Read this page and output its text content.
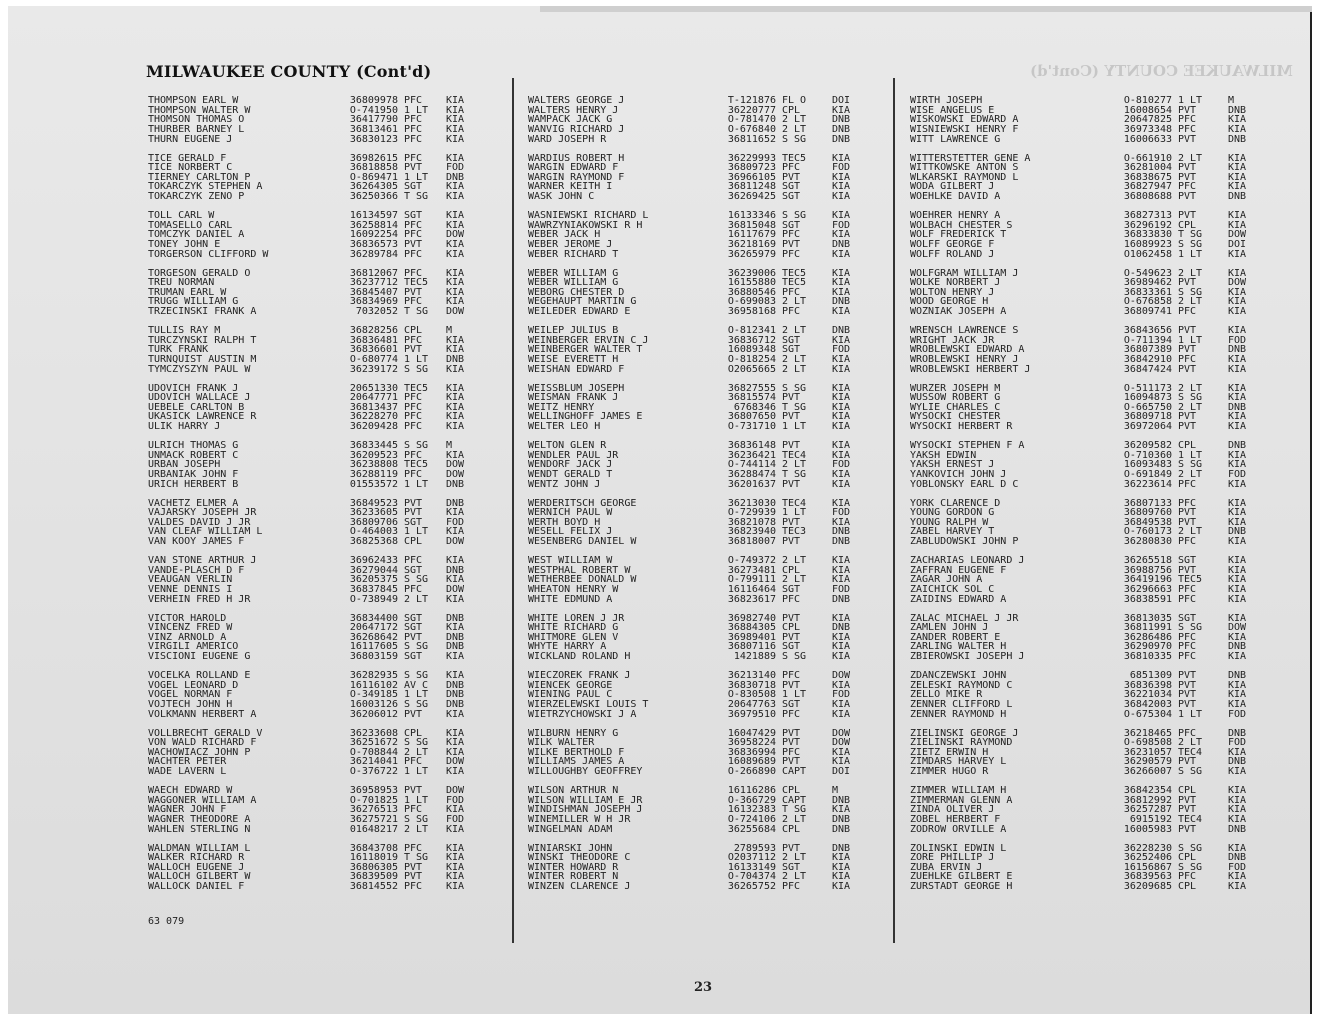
MILWAUKEE COUNTY (Cont'd)	MILWAUKEE COUNTY (Cont'd)
THOMPSON EARL W	36809978 PFC	KIA
THOMPSON WALTER W	O-741950 1 LT	KIA
THOMSON THOMAS O	36417790 PFC	KIA
THURBER BARNEY L	36813461 PFC	KIA
THURN EUGENE J	36830123 PFC	KIA
TICE GERALD F	36982615 PFC	KIA
TICE NORBERT C	36818858 PVT	FOD
TIERNEY CARLTON P	O-869471 1 LT	DNB
TOKARCZYK STEPHEN A	36264305 SGT	KIA
TOKARCZYK ZENO P	36250366 T SG	KIA
TOLL CARL W	16134597 SGT	KIA
TOMASELLO CARL	36258814 PFC	KIA
TOMCZYK DANIEL A	16092254 PFC	DOW
TONEY JOHN E	36836573 PVT	KIA
TORGERSON CLIFFORD W	36289784 PFC	KIA
TORGESON GERALD O	36812067 PFC	KIA
TREU NORMAN	36237712 TEC5	KIA
TRUMAN EARL W	36845407 PVT	KIA
TRUGG WILLIAM G	36834969 PFC	KIA
TRZECINSKI FRANK A	7032052 T SG	DOW
TULLIS RAY M	36828256 CPL	M
TURCZYNSKI RALPH T	36836481 PFC	KIA
TURK FRANK	36836601 PVT	KIA
TURNQUIST AUSTIN M	O-680774 1 LT	DNB
TYMCZYSZYN PAUL W	36239172 S SG	KIA
UDOVICH FRANK J	20651330 TEC5	KIA
UDOVICH WALLACE J	20647771 PFC	KIA
UEBELE CARLTON B	36813437 PFC	KIA
UKASICK LAWRENCE R	36228270 PFC	KIA
ULIK HARRY J	36209428 PFC	KIA
ULRICH THOMAS G	36833445 S SG	M
UNMACK ROBERT C	36209523 PFC	KIA
URBAN JOSEPH	36238808 TEC5	DOW
URBANIAK JOHN F	36288119 PFC	DOW
URICH HERBERT B	01553572 1 LT	DNB
VACHETZ ELMER A	36849523 PVT	DNB
VAJARSKY JOSEPH JR	36233605 PVT	KIA
VALDES DAVID J JR	36809706 SGT	FOD
VAN CLEAF WILLIAM L	O-464003 1 LT	KIA
VAN KOOY JAMES F	36825368 CPL	DOW
VAN STONE ARTHUR J	36962433 PFC	KIA
VANDE-PLASCH D F	36279044 SGT	DNB
VEAUGAN VERLIN	36205375 S SG	KIA
VENNE DENNIS I	36837845 PFC	DOW
VERHEIN FRED H JR	O-738949 2 LT	KIA
VICTOR HAROLD	36834400 SGT	DNB
VINCENZ FRED W	20647172 SGT	KIA
VINZ ARNOLD A	36268642 PVT	DNB
VIRGILI AMERICO	16117605 S SG	DNB
VISCIONI EUGENE G	36803159 SGT	KIA
VOCELKA ROLLAND E	36282935 S SG	KIA
VOGEL LEONARD D	16116102 AV C	DNB
VOGEL NORMAN F	O-349185 1 LT	DNB
VOJTECH JOHN H	16003126 S SG	DNB
VOLKMANN HERBERT A	36206012 PVT	KIA
VOLLBRECHT GERALD V	36233608 CPL	KIA
VON WALD RICHARD F	36251672 S SG	KIA
WACHOWIACZ JOHN P	O-708844 2 LT	KIA
WACHTER PETER	36214041 PFC	DOW
WADE LAVERN L	O-376722 1 LT	KIA
WAECH EDWARD W	36958953 PVT	DOW
WAGGONER WILLIAM A	O-701825 1 LT	FOD
WAGNER JOHN F	36276513 PFC	KIA
WAGNER THEODORE A	36275721 S SG	FOD
WAHLEN STERLING N	01648217 2 LT	KIA
WALDMAN WILLIAM L	36843708 PFC	KIA
WALKER RICHARD R	16118019 T SG	KIA
WALLOCH EUGENE J	36806305 PVT	KIA
WALLOCH GILBERT W	36839509 PVT	KIA
WALLOCK DANIEL F	36814552 PFC	KIA
WALTERS GEORGE J	T-121876 FL O	DOI
WALTERS HENRY J	36220777 CPL	KIA
WAMPACK JACK G	O-781470 2 LT	DNB
WANVIG RICHARD J	O-676840 2 LT	DNB
WARD JOSEPH R	36811652 S SG	DNB
WARDIUS ROBERT H	36229993 TEC5	KIA
WARGIN EDWARD F	36809723 PFC	FOD
WARGIN RAYMOND F	36966105 PVT	KIA
WARNER KEITH I	36811248 SGT	KIA
WASK JOHN C	36269425 SGT	KIA
WASNIEWSKI RICHARD L	16133346 S SG	KIA
WAWRZYNIAKOWSKI R H	36815048 SGT	FOD
WEBER JACK H	16117679 PFC	KIA
WEBER JEROME J	36218169 PVT	DNB
WEBER RICHARD T	36265979 PFC	KIA
WEBER WILLIAM G	36239006 TEC5	KIA
WEBER WILLIAM G	16155880 TEC5	KIA
WEBORG CHESTER D	36880546 PFC	KIA
WEGEHAUPT MARTIN G	O-699083 2 LT	DNB
WEILEDER EDWARD E	36958168 PFC	KIA
WEILEP JULIUS B	O-812341 2 LT	DNB
WEINBERGER ERVIN C J	36836712 SGT	KIA
WEINBERGER WALTER T	16089348 SGT	FOD
WEISE EVERETT H	O-818254 2 LT	KIA
WEISHAN EDWARD F	O2065665 2 LT	KIA
WEISSBLUM JOSEPH	36827555 S SG	KIA
WEISMAN FRANK J	36815574 PVT	KIA
WEITZ HENRY	6768346 T SG	KIA
WELLINGHOFF JAMES E	36807650 PVT	KIA
WELTER LEO H	O-731710 1 LT	KIA
WELTON GLEN R	36836148 PVT	KIA
WENDLER PAUL JR	36236421 TEC4	KIA
WENDORF JACK J	O-744114 2 LT	FOD
WENDT GERALD T	36288474 T SG	KIA
WENTZ JOHN J	36201637 PVT	KIA
WERDERITSCH GEORGE	36213030 TEC4	KIA
WERNICH PAUL W	O-729939 1 LT	FOD
WERTH BOYD H	36821078 PVT	KIA
WESELL FELIX J	36823940 TEC3	DNB
WESENBERG DANIEL W	36818007 PVT	DNB
WEST WILLIAM W	O-749372 2 LT	KIA
WESTPHAL ROBERT W	36273481 CPL	KIA
WETHERBEE DONALD W	O-799111 2 LT	KIA
WHEATON HENRY W	16116464 SGT	FOD
WHITE EDMUND A	36823617 PFC	DNB
WHITE LOREN J JR	36982740 PVT	KIA
WHITE RICHARD G	36884305 CPL	DNB
WHITMORE GLEN V	36989401 PVT	KIA
WHYTE HARRY A	36807116 SGT	KIA
WICKLAND ROLAND H	1421889 S SG	KIA
WIECZOREK FRANK J	36213140 PFC	DOW
WIENCEK GEORGE	36830718 PVT	KIA
WIENING PAUL C	O-830508 1 LT	FOD
WIERZELEWSKI LOUIS T	20647763 SGT	KIA
WIETRZYCHOWSKI J A	36979510 PFC	KIA
WILBURN HENRY G	16047429 PVT	DOW
WILK WALTER	36958224 PVT	DOW
WILKE BERTHOLD F	36836994 PFC	KIA
WILLIAMS JAMES A	16089689 PVT	KIA
WILLOUGHBY GEOFFREY	O-266890 CAPT	DOI
WILSON ARTHUR N	16116286 CPL	M
WILSON WILLIAM E JR	O-366729 CAPT	DNB
WINDISHMAN JOSEPH J	16132383 T SG	KIA
WINEMILLER W H JR	O-724106 2 LT	DNB
WINGELMAN ADAM	36255684 CPL	DNB
WINIARSKI JOHN	2789593 PVT	DNB
WINSKI THEODORE C	O2037112 2 LT	KIA
WINTER HOWARD R	16133149 SGT	KIA
WINTER ROBERT N	O-704374 2 LT	KIA
WINZEN CLARENCE J	36265752 PFC	KIA
WIRTH JOSEPH	O-810277 1 LT	M
WISE ANGELUS E	16008654 PVT	DNB
WISKOWSKI EDWARD A	20647825 PFC	KIA
WISNIEWSKI HENRY F	36973348 PFC	KIA
WITT LAWRENCE G	16006633 PVT	DNB
WITTERSTETTER GENE A	O-661910 2 LT	KIA
WITTKOWSKE ANTON S	36281004 PVT	KIA
WLKARSKI RAYMOND L	36838675 PVT	KIA
WODA GILBERT J	36827947 PFC	KIA
WOEHLKE DAVID A	36808688 PVT	DNB
WOEHRER HENRY A	36827313 PVT	KIA
WOLBACH CHESTER S	36296192 CPL	KIA
WOLF FREDERICK T	36833830 T SG	DOW
WOLFF GEORGE F	16089923 S SG	DOI
WOLFF ROLAND J	O1062458 1 LT	KIA
WOLFGRAM WILLIAM J	O-549623 2 LT	KIA
WOLKE NORBERT J	36989462 PVT	DOW
WOLTON HENRY J	36833361 S SG	KIA
WOOD GEORGE H	O-676858 2 LT	KIA
WOZNIAK JOSEPH A	36809741 PFC	KIA
WRENSCH LAWRENCE S	36843656 PVT	KIA
WRIGHT JACK JR	O-711394 1 LT	FOD
WROBLEWSKI EDWARD A	36807389 PVT	DNB
WROBLEWSKI HENRY J	36842910 PFC	KIA
WROBLEWSKI HERBERT J	36847424 PVT	KIA
WURZER JOSEPH M	O-511173 2 LT	KIA
WUSSOW ROBERT G	16094873 S SG	KIA
WYLIE CHARLES C	O-665750 2 LT	DNB
WYSOCKI CHESTER	36809718 PVT	KIA
WYSOCKI HERBERT R	36972064 PVT	KIA
WYSOCKI STEPHEN F A	36209582 CPL	DNB
YAKSH EDWIN	O-710360 1 LT	KIA
YAKSH ERNEST J	16093483 S SG	KIA
YANKOVICH JOHN J	O-691849 2 LT	FOD
YOBLONSKY EARL D C	36223614 PFC	KIA
YORK CLARENCE D	36807133 PFC	KIA
YOUNG GORDON G	36809760 PVT	KIA
YOUNG RALPH W	36849538 PVT	KIA
ZABEL HARVEY T	O-760173 2 LT	DNB
ZABLUDOWSKI JOHN P	36280830 PFC	KIA
ZACHARIAS LEONARD J	36265518 SGT	KIA
ZAFFRAN EUGENE F	36988756 PVT	KIA
ZAGAR JOHN A	36419196 TEC5	KIA
ZAICHICK SOL C	36296663 PFC	KIA
ZAIDINS EDWARD A	36838591 PFC	KIA
ZALAC MICHAEL J JR	36813035 SGT	KIA
ZAMLEN JOHN J	36811991 S SG	DOW
ZANDER ROBERT E	36286486 PFC	KIA
ZARLING WALTER H	36290970 PFC	DNB
ZBIEROWSKI JOSEPH J	36810335 PFC	KIA
ZDANCZEWSKI JOHN	6851309 PVT	DNB
ZELESKI RAYMOND C	36836398 PVT	KIA
ZELLO MIKE R	36221034 PVT	KIA
ZENNER CLIFFORD L	36842003 PVT	KIA
ZENNER RAYMOND H	O-675304 1 LT	FOD
ZIELINSKI GEORGE J	36218465 PFC	DNB
ZIELINSKI RAYMOND	O-698508 2 LT	FOD
ZIETZ ERWIN H	36231057 TEC4	KIA
ZIMDARS HARVEY L	36290579 PVT	DNB
ZIMMER HUGO R	36266007 S SG	KIA
ZIMMER WILLIAM H	36842354 CPL	KIA
ZIMMERMAN GLENN A	36812992 PVT	KIA
ZINDA OLIVER J	36257287 PVT	KIA
ZOBEL HERBERT F	6915192 TEC4	KIA
ZODROW ORVILLE A	16005983 PVT	DNB
ZOLINSKI EDWIN L	36228230 S SG	KIA
ZORE PHILLIP J	36252406 CPL	DNB
ZUBA ERVIN J	16156867 S SG	FOD
ZUEHLKE GILBERT E	36839563 PFC	KIA
ZURSTADT GEORGE H	36209685 CPL	KIA
63 079
23
